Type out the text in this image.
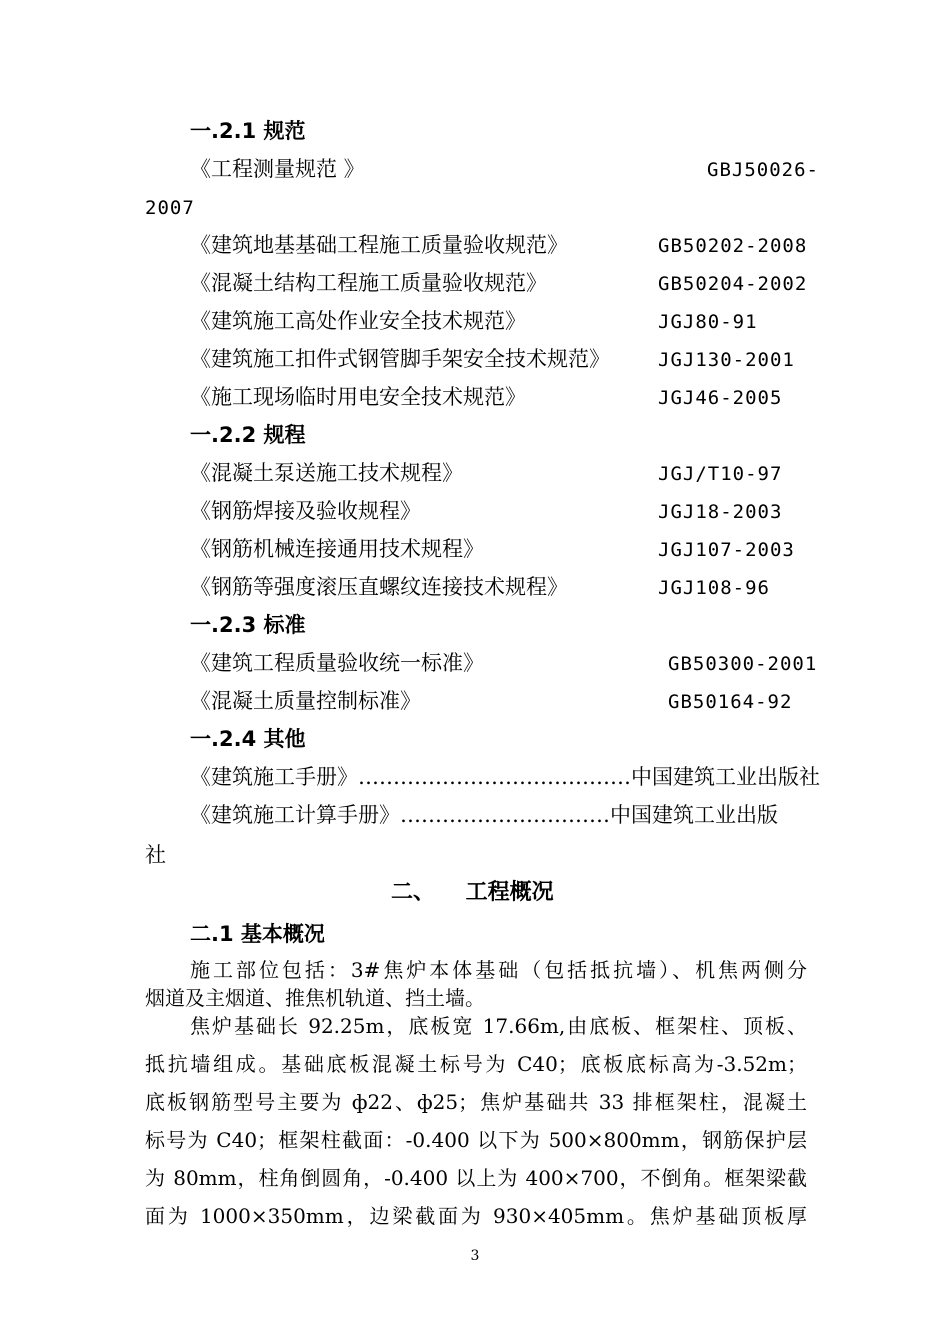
一.2.1 规范
《工程测量规范 》	GBJ50026-
2007
《建筑地基基础工程施工质量验收规范》	GB50202-2008
《混凝土结构工程施工质量验收规范》	GB50204-2002
《建筑施工高处作业安全技术规范》	JGJ80-91
《建筑施工扣件式钢管脚手架安全技术规范》	JGJ130-2001
《施工现场临时用电安全技术规范》	JGJ46-2005
一.2.2 规程
《混凝土泵送施工技术规程》	JGJ/T10-97
《钢筋焊接及验收规程》	JGJ18-2003
《钢筋机械连接通用技术规程》	JGJ107-2003
《钢筋等强度滚压直螺纹连接技术规程》	JGJ108-96
一.2.3 标准
《建筑工程质量验收统一标准》	GB50300-2001
《混凝土质量控制标准》	GB50164-92
一.2.4 其他
《建筑施工手册》…………………………………中国建筑工业出版社
《建筑施工计算手册》…………………………中国建筑工业出版
社
二、    工程概况
二.1 基本概况
施工部位包括：3#焦炉本体基础（包括抵抗墙）、机焦两侧分
烟道及主烟道、推焦机轨道、挡土墙。
焦炉基础长 92.25m，底板宽 17.66m,由底板、框架柱、顶板、
抵抗墙组成。基础底板混凝土标号为 C40；底板底标高为-3.52m；
底板钢筋型号主要为 ф22、ф25；焦炉基础共 33 排框架柱，混凝土
标号为 C40；框架柱截面：-0.400 以下为 500×800mm，钢筋保护层
为 80mm，柱角倒圆角，-0.400 以上为 400×700，不倒角。框架梁截
面为 1000×350mm，边梁截面为 930×405mm。焦炉基础顶板厚
3
